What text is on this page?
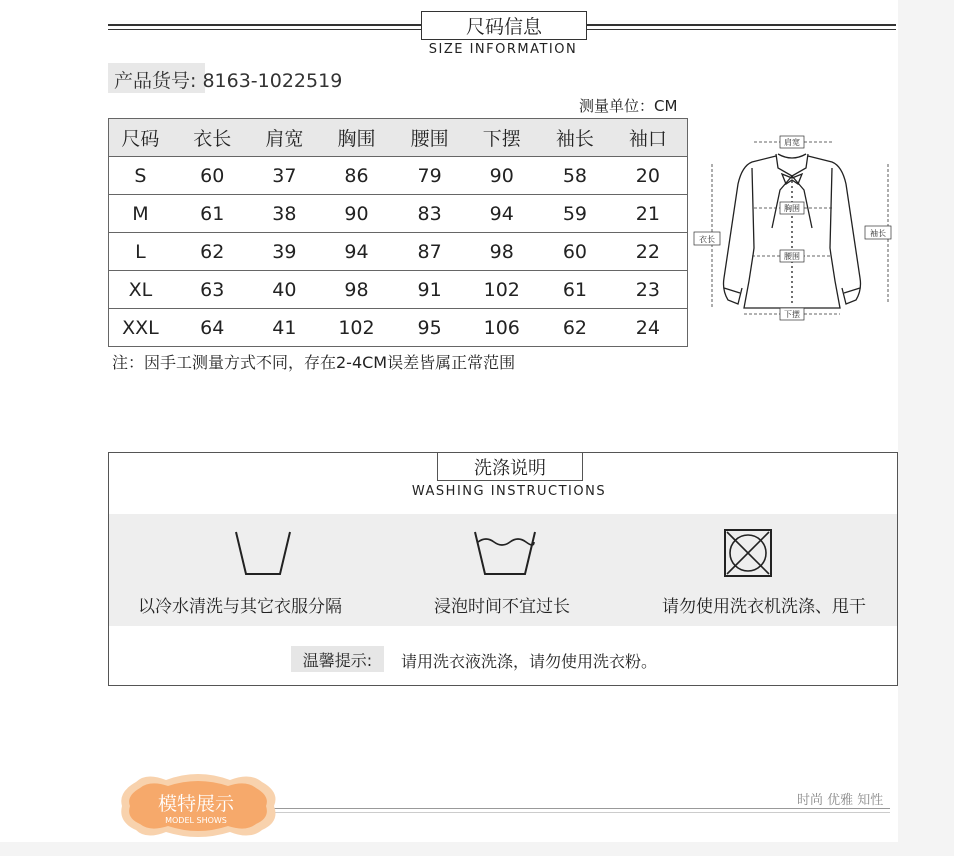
尺码信息
SIZE INFORMATION
产品货号: 8163-1022519
测量单位：CM
尺码	衣长	肩宽	胸围	腰围	下摆	袖长	袖口
S	60	37	86	79	90	58	20
M	61	38	90	83	94	59	21
L	62	39	94	87	98	60	22
XL	63	40	98	91	102	61	23
XXL	64	41	102	95	106	62	24
注：因手工测量方式不同，存在2-4CM误差皆属正常范围
肩宽
胸围
衣长
腰围
袖长
下摆
洗涤说明
WASHING INSTRUCTIONS
以冷水清洗与其它衣服分隔	浸泡时间不宜过长	请勿使用洗衣机洗涤、甩干
温馨提示:	请用洗衣液洗涤，请勿使用洗衣粉。
模特展示
MODEL SHOWS
时尚 优雅 知性
